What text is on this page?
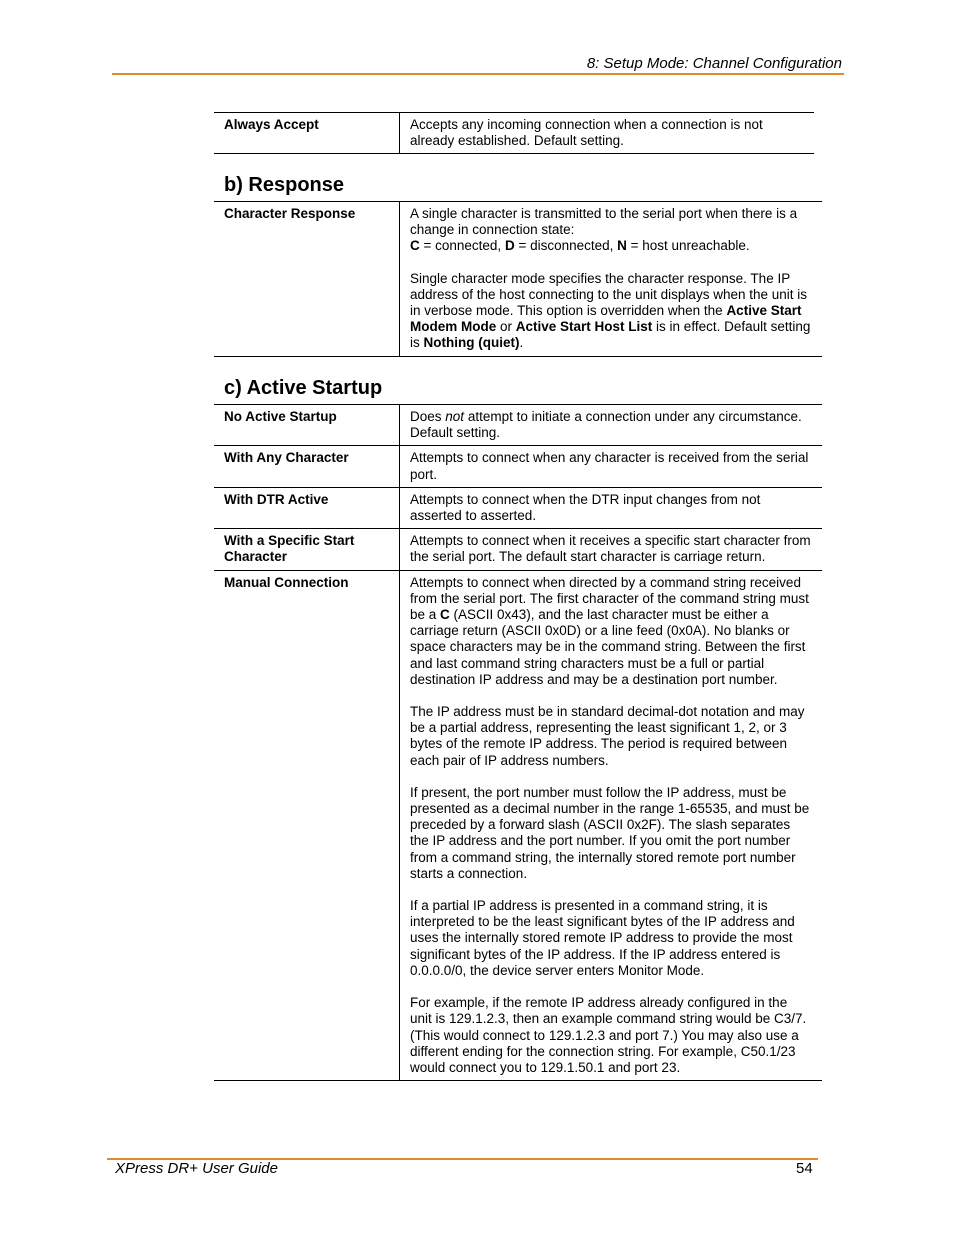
8: Setup Mode: Channel Configuration
Always Accept	Accepts any incoming connection when a connection is not already established. Default setting.
b) Response
Character Response	A single character is transmitted to the serial port when there is a change in connection state:
C = connected, D = disconnected, N = host unreachable.

Single character mode specifies the character response. The IP address of the host connecting to the unit displays when the unit is in verbose mode. This option is overridden when the Active Start Modem Mode or Active Start Host List is in effect. Default setting is Nothing (quiet).

c) Active Startup
No Active Startup	Does not attempt to initiate a connection under any circumstance. Default setting.
With Any Character	Attempts to connect when any character is received from the serial port.
With DTR Active	Attempts to connect when the DTR input changes from not asserted to asserted.
With a Specific Start Character	Attempts to connect when it receives a specific start character from the serial port. The default start character is carriage return.
Manual Connection	Attempts to connect when directed by a command string received from the serial port. The first character of the command string must be a C (ASCII 0x43), and the last character must be either a carriage return (ASCII 0x0D) or a line feed (0x0A). No blanks or space characters may be in the command string. Between the first and last command string characters must be a full or partial destination IP address and may be a destination port number.

The IP address must be in standard decimal-dot notation and may be a partial address, representing the least significant 1, 2, or 3 bytes of the remote IP address. The period is required between each pair of IP address numbers.

If present, the port number must follow the IP address, must be presented as a decimal number in the range 1-65535, and must be preceded by a forward slash (ASCII 0x2F). The slash separates the IP address and the port number. If you omit the port number from a command string, the internally stored remote port number starts a connection.

If a partial IP address is presented in a command string, it is interpreted to be the least significant bytes of the IP address and uses the internally stored remote IP address to provide the most significant bytes of the IP address. If the IP address entered is 0.0.0.0/0, the device server enters Monitor Mode.

For example, if the remote IP address already configured in the unit is 129.1.2.3, then an example command string would be C3/7. (This would connect to 129.1.2.3 and port 7.) You may also use a different ending for the connection string. For example, C50.1/23 would connect you to 129.1.50.1 and port 23.

XPress DR+ User Guide	54
